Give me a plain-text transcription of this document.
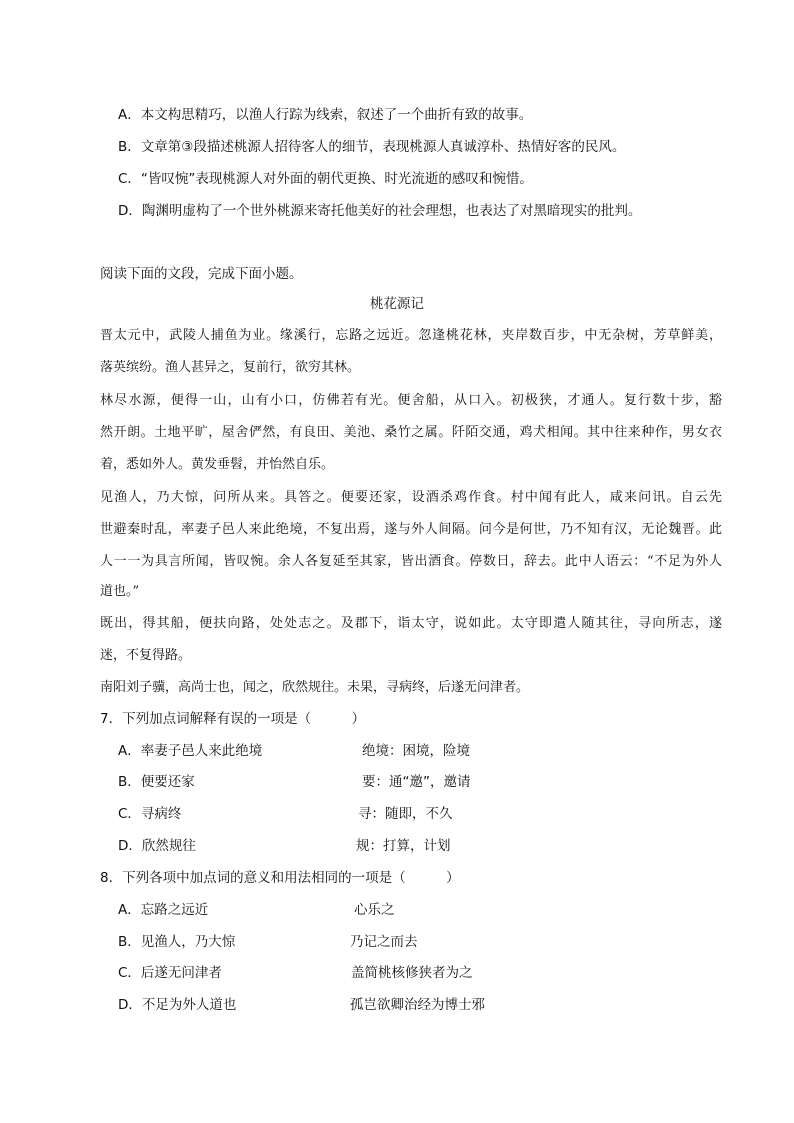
A．本文构思精巧，以渔人行踪为线索，叙述了一个曲折有致的故事。
B．文章第③段描述桃源人招待客人的细节，表现桃源人真诚淳朴、热情好客的民风。
C．“皆叹惋”表现桃源人对外面的朝代更换、时光流逝的感叹和惋惜。
D．陶渊明虚构了一个世外桃源来寄托他美好的社会理想，也表达了对黑暗现实的批判。
阅读下面的文段，完成下面小题。
桃花源记
晋太元中，武陵人捕鱼为业。缘溪行，忘路之远近。忽逢桃花林，夹岸数百步，中无杂树，芳草鲜美，
落英缤纷。渔人甚异之，复前行，欲穷其林。
林尽水源，便得一山，山有小口，仿佛若有光。便舍船，从口入。初极狭，才通人。复行数十步，豁
然开朗。土地平旷，屋舍俨然，有良田、美池、桑竹之属。阡陌交通，鸡犬相闻。其中往来种作，男女衣
着，悉如外人。黄发垂髫，并怡然自乐。
见渔人，乃大惊，问所从来。具答之。便要还家，设酒杀鸡作食。村中闻有此人，咸来问讯。自云先
世避秦时乱，率妻子邑人来此绝境，不复出焉，遂与外人间隔。问今是何世，乃不知有汉，无论魏晋。此
人一一为具言所闻，皆叹惋。余人各复延至其家，皆出酒食。停数日，辞去。此中人语云：“不足为外人
道也。”
既出，得其船，便扶向路，处处志之。及郡下，诣太守，说如此。太守即遣人随其往，寻向所志，遂
迷，不复得路。
南阳刘子骥，高尚士也，闻之，欣然规往。未果，寻病终，后遂无问津者。
7．下列加点词解释有误的一项是（　　　）
A．率妻子邑人来此绝境	绝境：困境，险境
B．便要还家	要：通“邀”，邀请
C．寻病终	寻：随即，不久
D．欣然规往	规：打算，计划
8．下列各项中加点词的意义和用法相同的一项是（　　　）
A．忘路之远近	心乐之
B．见渔人，乃大惊	乃记之而去
C．后遂无问津者	盖简桃核修狭者为之
D．不足为外人道也	孤岂欲卿治经为博士邪
